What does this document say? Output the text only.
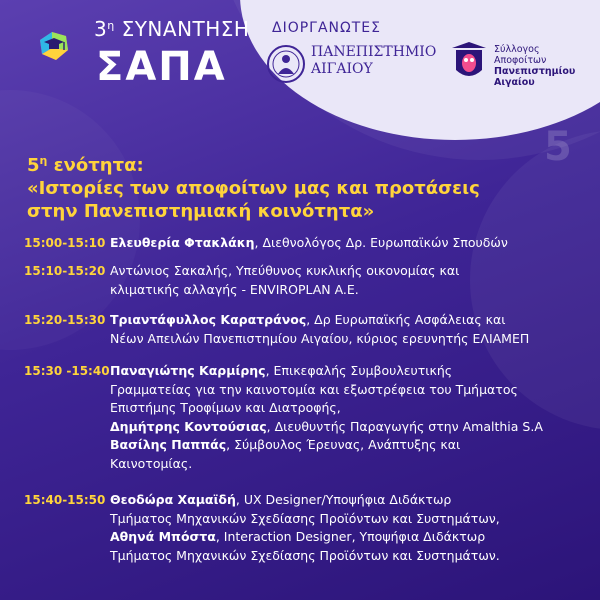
$3^\eta$ ΣΥΝΑΝΤΗΣΗ
ΣΑΠΑ
ΔΙΟΡΓΑΝΩΤΕΣ
ΠΑΝΕΠΙΣΤΗΜΙΟ
ΑΙΓΑΙΟΥ
Σύλλογος
Αποφοίτων
Πανεπιστημίου
Αιγαίου
5
$5^\eta$ ενότητα:
«Ιστορίες των αποφοίτων μας και προτάσεις
στην Πανεπιστημιακή κοινότητα»
15:00-15:10 Ελευθερία Φτακλάκη, Διεθνολόγος Δρ. Ευρωπαϊκών Σπουδών
15:10-15:20 Αντώνιος Σακαλής, Υπεύθυνος κυκλικής οικονομίας και
κλιματικής αλλαγής - ENVIROPLAN A.E.
15:20-15:30 Τριαντάφυλλος Καρατράνος, Δρ Ευρωπαϊκής Ασφάλειας και
Νέων Απειλών Πανεπιστημίου Αιγαίου, κύριος ερευνητής ΕΛΙΑΜΕΠ
15:30 -15:40 Παναγιώτης Καρμίρης, Επικεφαλής Συμβουλευτικής
Γραμματείας για την καινοτομία και εξωστρέφεια του Τμήματος
Επιστήμης Τροφίμων και Διατροφής,
Δημήτρης Κοντούσιας, Διευθυντής Παραγωγής στην Amalthia S.A
Βασίλης Παππάς, Σύμβουλος Έρευνας, Ανάπτυξης και
Καινοτομίας.
15:40-15:50 Θεοδώρα Χαμαϊδή, UX Designer/Υποψήφια Διδάκτωρ
Τμήματος Μηχανικών Σχεδίασης Προϊόντων και Συστημάτων,
Αθηνά Μπόστα, Interaction Designer, Υποψήφια Διδάκτωρ
Τμήματος Μηχανικών Σχεδίασης Προϊόντων και Συστημάτων.
